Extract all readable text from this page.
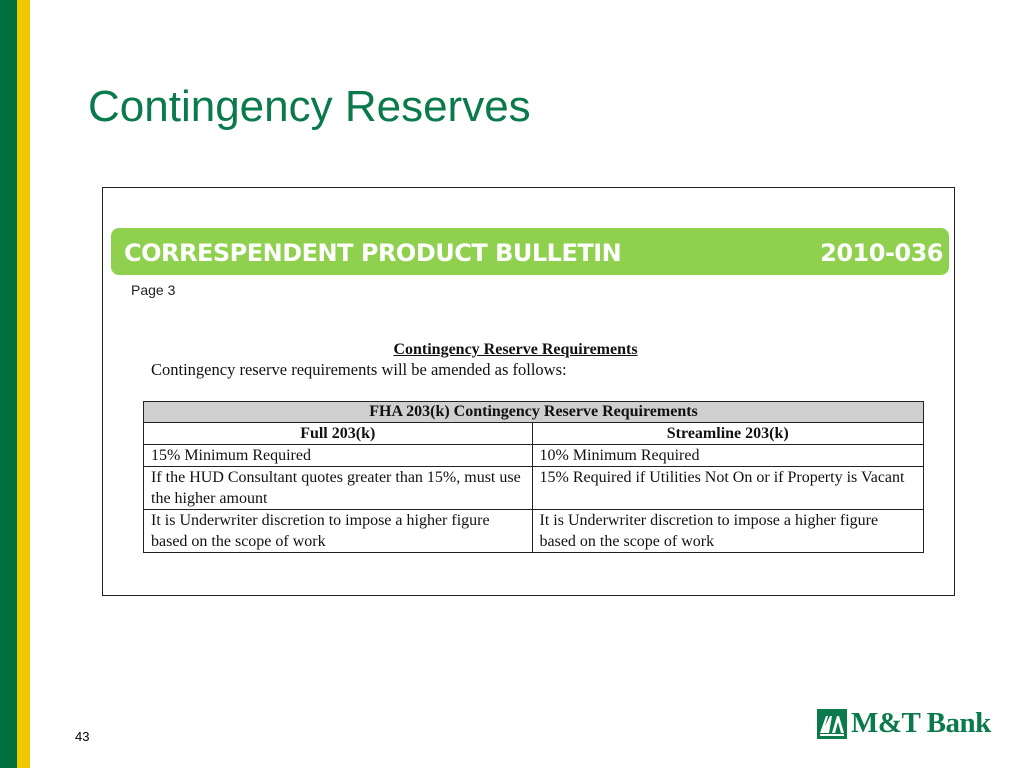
Contingency Reserves
CORRESPENDENT PRODUCT BULLETIN	2010-036
Page 3
Contingency Reserve Requirements
Contingency reserve requirements will be amended as follows:
FHA 203(k) Contingency Reserve Requirements	
Full 203(k)	Streamline 203(k)
15% Minimum Required	10% Minimum Required
If the HUD Consultant quotes greater than 15%, must use the higher amount	15% Required if Utilities Not On or if Property is Vacant
It is Underwriter discretion to impose a higher figure based on the scope of work	It is Underwriter discretion to impose a higher figure based on the scope of work
43	M&T Bank
